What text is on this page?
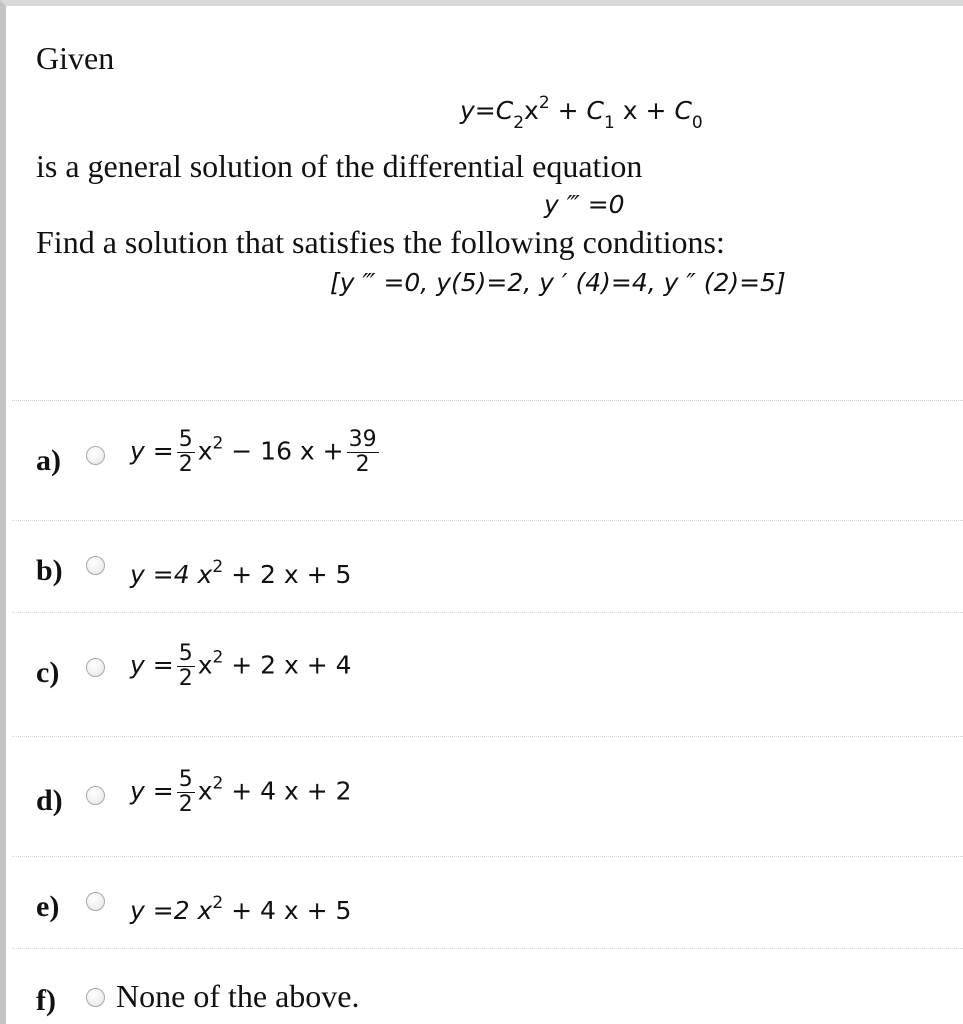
Given
$y=C_2x^2 + C_1$ $x + C_0$
is a general solution of the differential equation
y ‴ =0
Find a solution that satisfies the following conditions:
[y ‴ =0, y(5)=2, y ′ (4)=4, y ″ (2)=5]
a)	$y = \frac{5}{2} x^2 - 16$ $x + \frac{39}{2}$
b)	y =4 $x^2 + 2$ x + 5
c)	$y = \frac{5}{2} x^2 + 2$ x + 4
d)	$y = \frac{5}{2} x^2 + 4$ x + 2
e)	y =2 $x^2 + 4$ x + 5
f) None of the above.
